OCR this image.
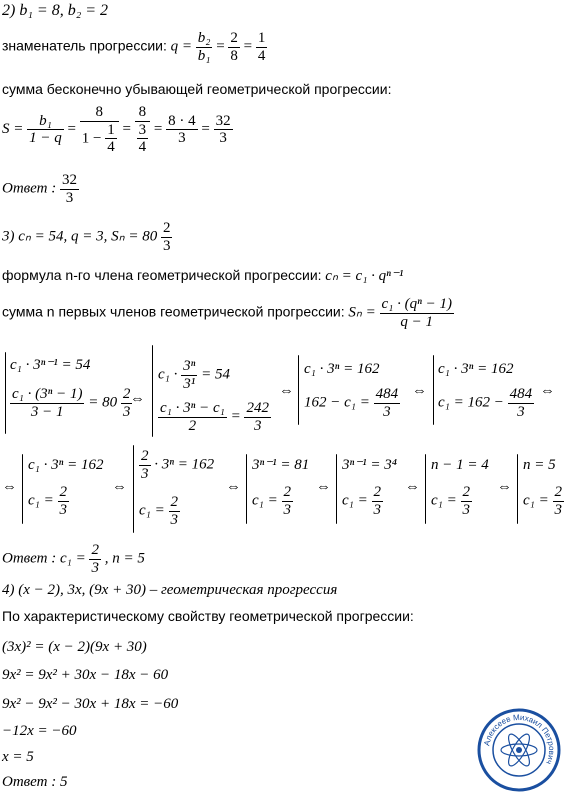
2) b₁ = 8, b₂ = 2
знаменатель прогрессии: $q = \frac{\text{b₂}}{\text{b₁}} = \frac{2}{8} = \frac{1}{4}$
сумма бесконечно убывающей геометрической прогрессии:
$S = \frac{\text{b₁}}{1 - q} = \frac{8}{1 - \frac{1}{4}} = \frac{8}{\frac{3}{4}} = \frac{8 \cdot 4}{3} = \frac{32}{3}$
Ответ : $\frac{32}{3}$
3) cₙ = 54, q = 3, $S_n = 80 \frac{2}{3}$
формула n-го члена геометрической прогрессии: cₙ = c₁ · qⁿ⁻¹
сумма n первых членов геометрической прогрессии: $S_n = \frac{\text{c₁ · (qⁿ − 1)}}{q - 1}$
c₁ · 3ⁿ⁻¹ = 54
$\frac{\text{c₁ · (3ⁿ − 1)}}{3 - 1} = 80 \frac{2}{3}$
⇔
$c_1 \cdot \frac{\text{3ⁿ}}{\text{3¹}} = 54$
$\frac{\text{c₁ · 3ⁿ − c₁}}{2} = \frac{242}{3}$
⇔
c₁ · 3ⁿ = 162
$162 - c_1 = \frac{484}{3}$ ⇔
c₁ · 3ⁿ = 162
$c_1 = 162 - \frac{484}{3}$ ⇔
⇔
c₁ · 3ⁿ = 162
$c_1 = \frac{2}{3}$	⇔
$\frac{2}{3} \cdot 3^n = 162$
$c_1 = \frac{2}{3}$
⇔
3ⁿ⁻¹ = 81
$c_1 = \frac{2}{3}$ ⇔
3ⁿ⁻¹ = 3⁴
$c_1 = \frac{2}{3}$ ⇔
n − 1 = 4
$c_1 = \frac{2}{3}$ ⇔
n = 5
$c_1 = \frac{2}{3}$
Ответ : $c_1 = \frac{2}{3}$ , n = 5
4) (x − 2), 3x, (9x + 30) – геометрическая прогрессия
По характеристическому свойству геометрической прогрессии:
(3x)² = (x − 2)(9x + 30)
9x² = 9x² + 30x − 18x − 60
9x² − 9x² − 30x + 18x = −60
−12x = −60
x = 5
Ответ : 5
Алексеев Михаил Петрович
